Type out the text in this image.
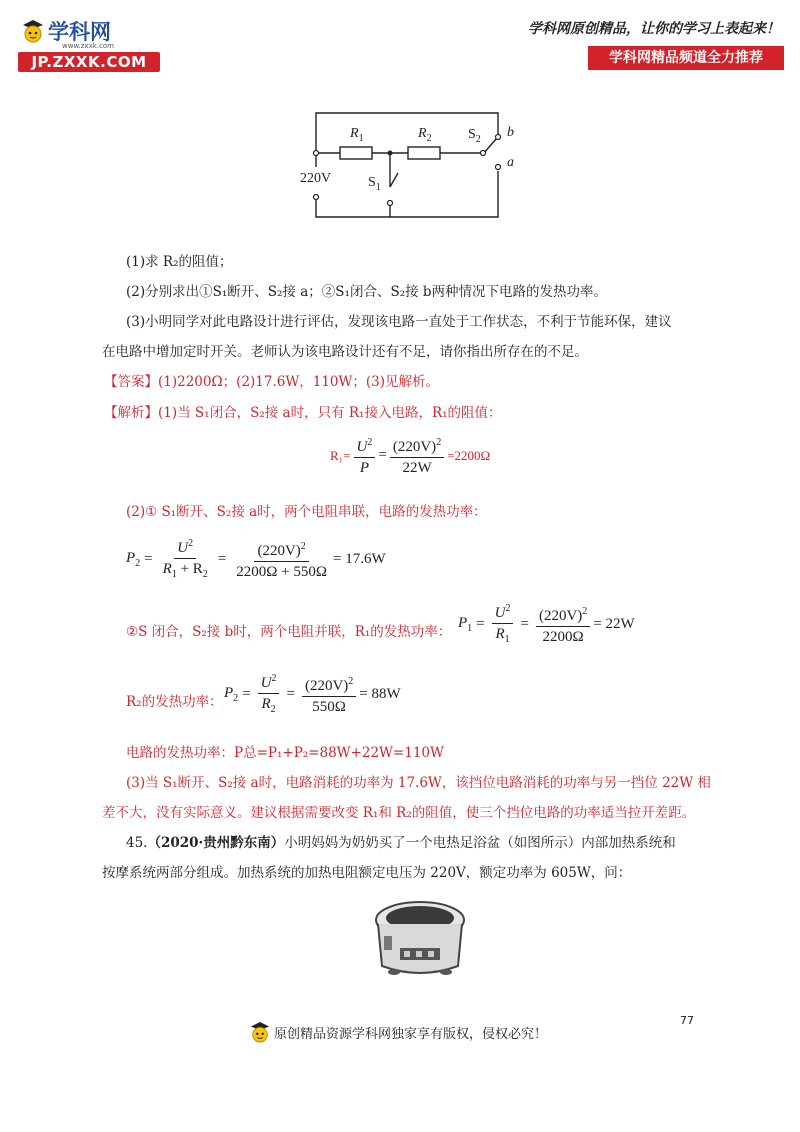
学科网
www.zxxk.com
JP.ZXXK.COM
学科网原创精品，让你的学习上表起来！
学科网精品频道全力推荐
$R_1$	$R_2$	$S_2$ b
a
220V	$S_1$
(1)求 R₂的阻值；
(2)分别求出①S₁断开、S₂接 a；②S₁闭合、S₂接 b两种情况下电路的发热功率。
(3)小明同学对此电路设计进行评估，发现该电路一直处于工作状态，不利于节能环保，建议
在电路中增加定时开关。老师认为该电路设计还有不足，请你指出所存在的不足。
【答案】(1)2200Ω；(2)17.6W，110W；(3)见解析。
【解析】(1)当 S₁闭合，S₂接 a时，只有 R₁接入电路，R₁的阻值：
$R_1= \frac{U^2}{P} = \frac{(220V)^2}{22W} =2200\Omega$
(2)① S₁断开、S₂接 a时，两个电阻串联，电路的发热功率：
$P_2 = \frac{U^2}{R_1 + R_2} = \frac{(220V)^2}{2200\Omega + 550\Omega} = 17.6W$
②S 闭合，S₂接 b时，两个电阻并联，R₁的发热功率：
$P_1 = \frac{U^2}{R_1} = \frac{(220V)^2}{2200\Omega} = 22W$
R₂的发热功率：
$P_2 = \frac{U^2}{R_2} = \frac{(220V)^2}{550\Omega} = 88W$
电路的发热功率：P总=P₁+P₂=88W+22W=110W
(3)当 S₁断开、S₂接 a时，电路消耗的功率为 17.6W，该挡位电路消耗的功率与另一挡位 22W 相
差不大，没有实际意义。建议根据需要改变 R₁和 R₂的阻值，使三个挡位电路的功率适当拉开差距。
45.（2020·贵州黔东南）小明妈妈为奶奶买了一个电热足浴盆（如图所示）内部加热系统和
按摩系统两部分组成。加热系统的加热电阻额定电压为 220V，额定功率为 605W，问：
77
原创精品资源学科网独家享有版权，侵权必究！
